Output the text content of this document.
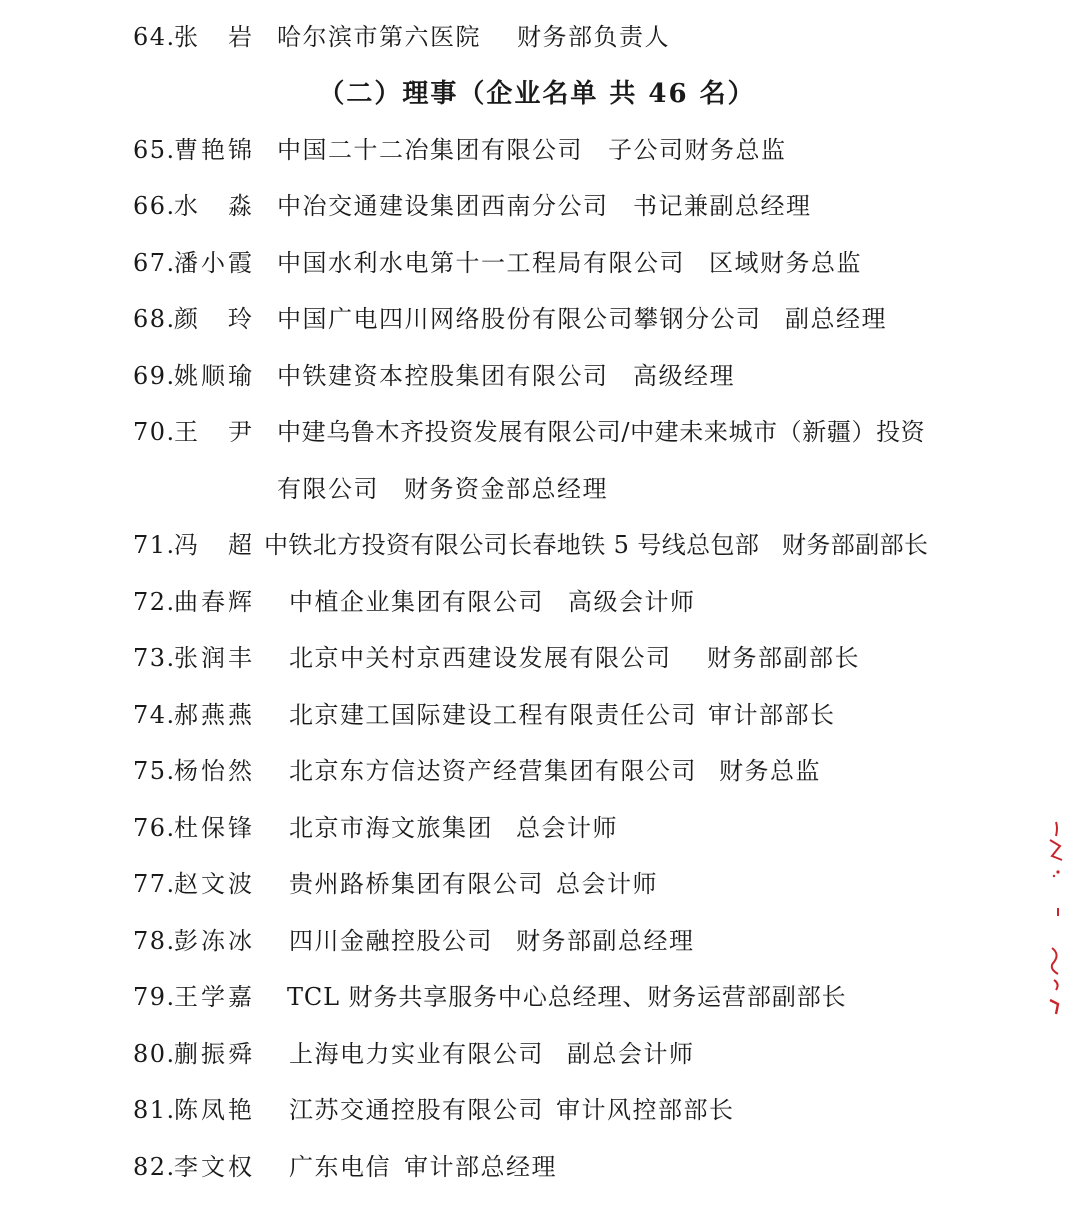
64.
张　岩 哈尔滨市第六医院 财务部负责人
（二）理事（企业名单 共 46 名）
65.
曹艳锦 中国二十二冶集团有限公司 子公司财务总监
66.
水　淼 中冶交通建设集团西南分公司 书记兼副总经理
67.
潘小霞 中国水利水电第十一工程局有限公司 区域财务总监
68.
颜　玲 中国广电四川网络股份有限公司攀钢分公司 副总经理
69.
姚顺瑜 中铁建资本控股集团有限公司 高级经理
70.
王　尹 中建乌鲁木齐投资发展有限公司/中建未来城市（新疆）投资
有限公司 财务资金部总经理
71.
冯　超 中铁北方投资有限公司长春地铁 5 号线总包部 财务部副部长
72.
曲春辉 中植企业集团有限公司 高级会计师
73.
张润丰 北京中关村京西建设发展有限公司 财务部副部长
74.
郝燕燕 北京建工国际建设工程有限责任公司 审计部部长
75.
杨怡然 北京东方信达资产经营集团有限公司 财务总监
76.
杜保锋 北京市海文旅集团 总会计师
77.
赵文波 贵州路桥集团有限公司 总会计师
78.
彭冻冰 四川金融控股公司 财务部副总经理
79.
王学嘉 TCL 财务共享服务中心总经理、财务运营部副部长
80.
蒯振舜 上海电力实业有限公司 副总会计师
81.
陈凤艳 江苏交通控股有限公司 审计风控部部长
82.
李文权 广东电信 审计部总经理
